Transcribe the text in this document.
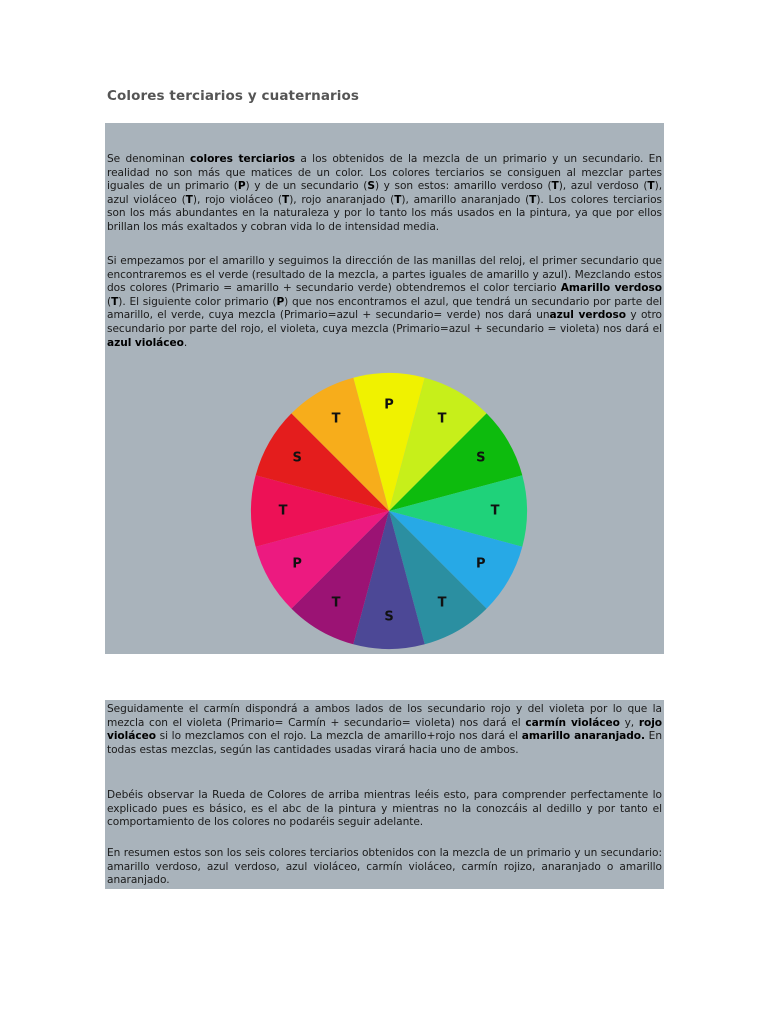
Colores terciarios y cuaternarios

Se denominan colores terciarios a los obtenidos de la mezcla de un primario y un secundario. En realidad no son más que matices de un color. Los colores terciarios se consiguen al mezclar partes iguales de un primario (P) y de un secundario (S) y son estos: amarillo verdoso (T), azul verdoso (T), azul violáceo (T), rojo violáceo (T), rojo anaranjado (T), amarillo anaranjado (T). Los colores terciarios son los más abundantes en la naturaleza y por lo tanto los más usados en la pintura, ya que por ellos brillan los más exaltados y cobran vida lo de intensidad media.

Si empezamos por el amarillo y seguimos la dirección de las manillas del reloj, el primer secundario que encontraremos es el verde (resultado de la mezcla, a partes iguales de amarillo y azul). Mezclando estos dos colores (Primario = amarillo + secundario verde) obtendremos el color terciario Amarillo verdoso (T). El siguiente color primario (P) que nos encontramos el azul, que tendrá un secundario por parte del amarillo, el verde, cuya mezcla (Primario=azul + secundario= verde) nos dará unazul verdoso y otro secundario por parte del rojo, el violeta, cuya mezcla (Primario=azul + secundario = violeta) nos dará el azul violáceo.

P
T
S
T
P
T
S
T
P
T
S
T

Seguidamente el carmín dispondrá a ambos lados de los secundario rojo y del violeta por lo que la mezcla con el violeta (Primario= Carmín + secundario= violeta) nos dará el carmín violáceo y, rojo violáceo si lo mezclamos con el rojo. La mezcla de amarillo+rojo nos dará el amarillo anaranjado. En todas estas mezclas, según las cantidades usadas virará hacia uno de ambos.

Debéis observar la Rueda de Colores de arriba mientras leéis esto, para comprender perfectamente lo explicado pues es básico, es el abc de la pintura y mientras no la conozcáis al dedillo y por tanto el comportamiento de los colores no podaréis seguir adelante.

En resumen estos son los seis colores terciarios obtenidos con la mezcla de un primario y un secundario: amarillo verdoso, azul verdoso, azul violáceo, carmín violáceo, carmín rojizo, anaranjado o amarillo anaranjado.
